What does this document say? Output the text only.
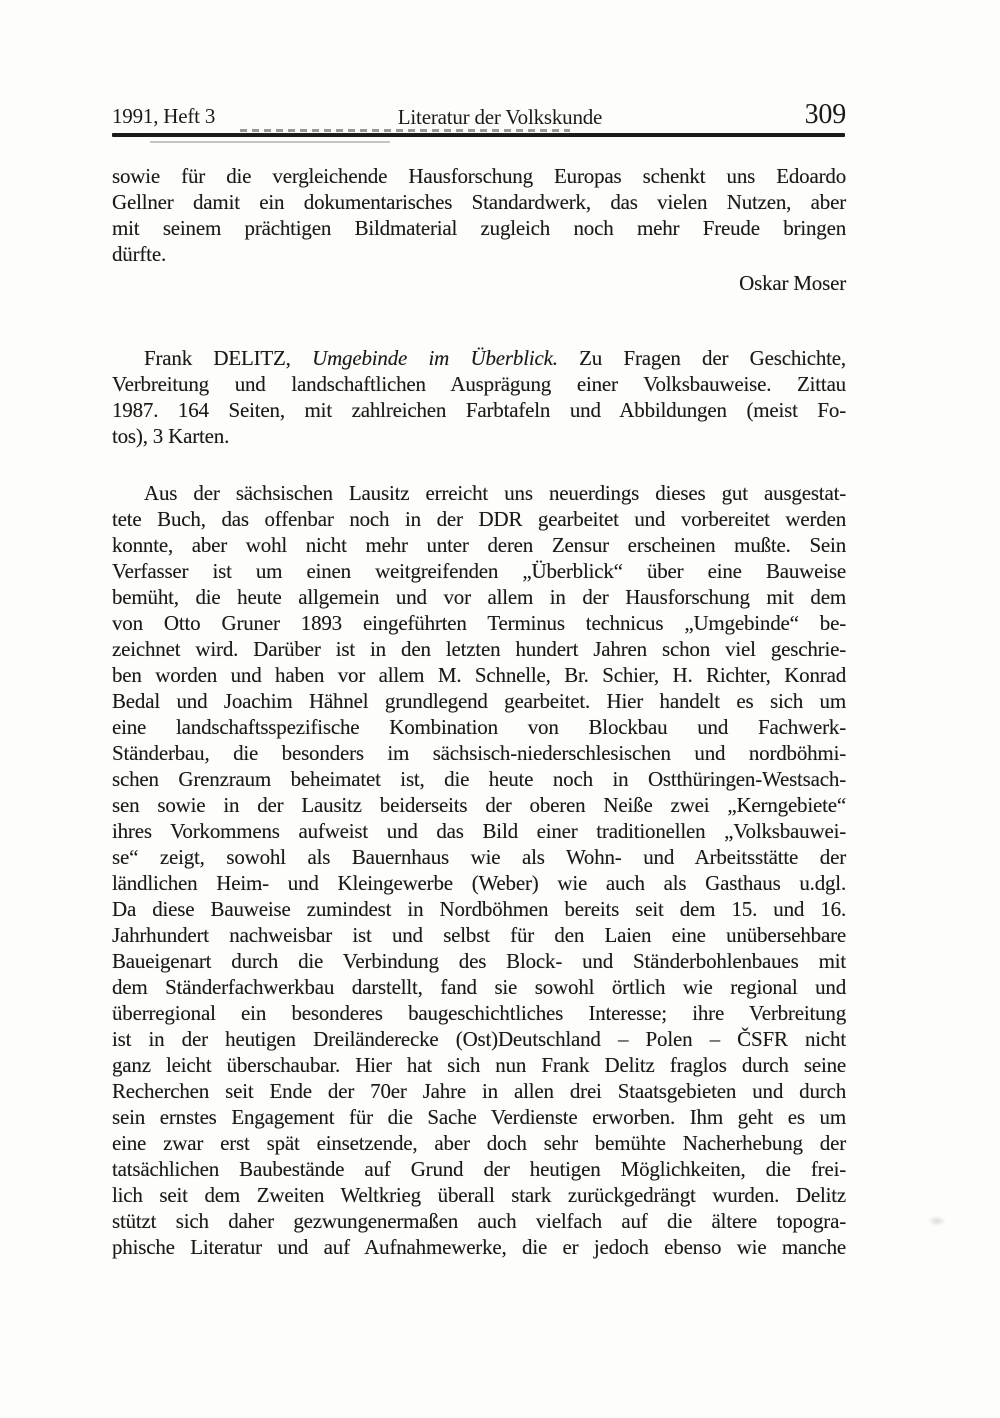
1991, Heft 3	309
Literatur der Volkskunde
sowie für die vergleichende Hausforschung Europas schenkt uns Edoardo
Gellner damit ein dokumentarisches Standardwerk, das vielen Nutzen, aber
mit seinem prächtigen Bildmaterial zugleich noch mehr Freude bringen
dürfte.
Oskar Moser
Frank DELITZ, Umgebinde im Überblick. Zu Fragen der Geschichte,
Verbreitung und landschaftlichen Ausprägung einer Volksbauweise. Zittau
1987. 164 Seiten, mit zahlreichen Farbtafeln und Abbildungen (meist Fo-
tos), 3 Karten.
Aus der sächsischen Lausitz erreicht uns neuerdings dieses gut ausgestat-
tete Buch, das offenbar noch in der DDR gearbeitet und vorbereitet werden
konnte, aber wohl nicht mehr unter deren Zensur erscheinen mußte. Sein
Verfasser ist um einen weitgreifenden „Überblick“ über eine Bauweise
bemüht, die heute allgemein und vor allem in der Hausforschung mit dem
von Otto Gruner 1893 eingeführten Terminus technicus „Umgebinde“ be-
zeichnet wird. Darüber ist in den letzten hundert Jahren schon viel geschrie-
ben worden und haben vor allem M. Schnelle, Br. Schier, H. Richter, Konrad
Bedal und Joachim Hähnel grundlegend gearbeitet. Hier handelt es sich um
eine landschaftsspezifische Kombination von Blockbau und Fachwerk-
Ständerbau, die besonders im sächsisch-niederschlesischen und nordböhmi-
schen Grenzraum beheimatet ist, die heute noch in Ostthüringen-Westsach-
sen sowie in der Lausitz beiderseits der oberen Neiße zwei „Kerngebiete“
ihres Vorkommens aufweist und das Bild einer traditionellen „Volksbauwei-
se“ zeigt, sowohl als Bauernhaus wie als Wohn- und Arbeitsstätte der
ländlichen Heim- und Kleingewerbe (Weber) wie auch als Gasthaus u.dgl.
Da diese Bauweise zumindest in Nordböhmen bereits seit dem 15. und 16.
Jahrhundert nachweisbar ist und selbst für den Laien eine unübersehbare
Baueigenart durch die Verbindung des Block- und Ständerbohlenbaues mit
dem Ständerfachwerkbau darstellt, fand sie sowohl örtlich wie regional und
überregional ein besonderes baugeschichtliches Interesse; ihre Verbreitung
ist in der heutigen Dreiländerecke (Ost)Deutschland – Polen – ČSFR nicht
ganz leicht überschaubar. Hier hat sich nun Frank Delitz fraglos durch seine
Recherchen seit Ende der 70er Jahre in allen drei Staatsgebieten und durch
sein ernstes Engagement für die Sache Verdienste erworben. Ihm geht es um
eine zwar erst spät einsetzende, aber doch sehr bemühte Nacherhebung der
tatsächlichen Baubestände auf Grund der heutigen Möglichkeiten, die frei-
lich seit dem Zweiten Weltkrieg überall stark zurückgedrängt wurden. Delitz
stützt sich daher gezwungenermaßen auch vielfach auf die ältere topogra-
phische Literatur und auf Aufnahmewerke, die er jedoch ebenso wie manche
